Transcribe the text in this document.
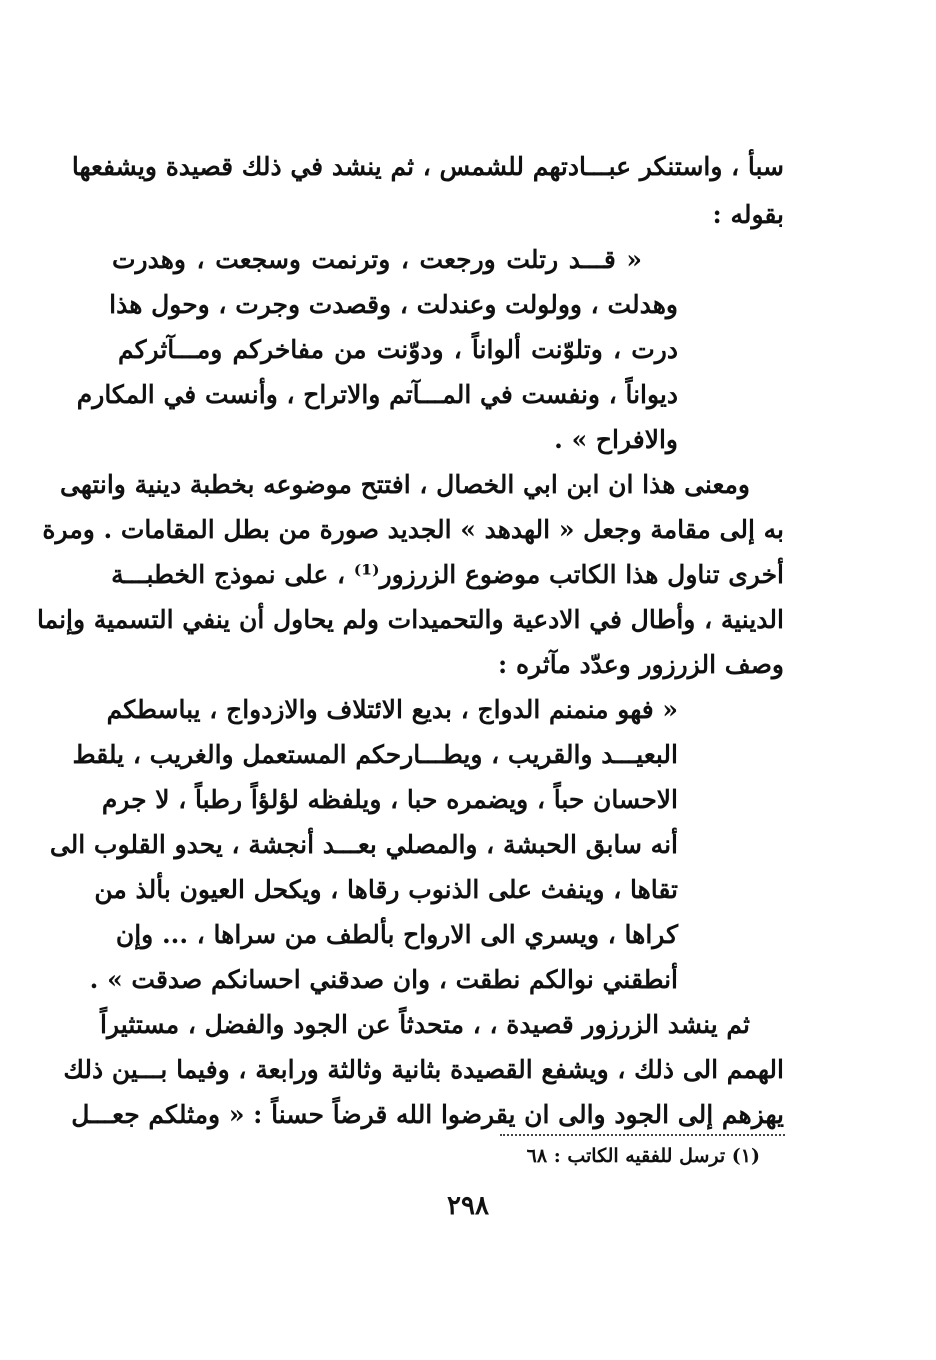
سبأ ، واستنكر عبـــادتهم للشمس ، ثم ينشد في ذلك قصيدة ويشفعها
بقوله :
« قـــد رتلت ورجعت ، وترنمت وسجعت ، وهدرت
وهدلت ، وولولت وعندلت ، وقصدت وجرت ، وحول هذا
درت ، وتلوّنت ألواناً ، ودوّنت من مفاخركم ومـــآثركم
ديواناً ، ونفست في المـــآتم والاتراح ، وأنست في المكارم
والافراح » .
ومعنى هذا ان ابن ابي الخصال ، افتتح موضوعه بخطبة دينية وانتهى
به إلى مقامة وجعل « الهدهد » الجديد صورة من بطل المقامات . ومرة
أخرى تناول هذا الكاتب موضوع الزرزور⁽¹⁾ ، على نموذج الخطبـــة
الدينية ، وأطال في الادعية والتحميدات ولم يحاول أن ينفي التسمية وإنما
وصف الزرزور وعدّد مآثره :
« فهو منمنم الدواج ، بديع الائتلاف والازدواج ، يباسطكم
البعيـــد والقريب ، ويطـــارحكم المستعمل والغريب ، يلقط
الاحسان حباً ، ويضمره حبا ، ويلفظه لؤلؤاً رطباً ، لا جرم
أنه سابق الحبشة ، والمصلي بعـــد أنجشة ، يحدو القلوب الى
تقاها ، وينفث على الذنوب رقاها ، ويكحل العيون بألذ من
كراها ، ويسري الى الارواح بألطف من سراها ، ... وإن
أنطقني نوالكم نطقت ، وان صدقني احسانكم صدقت » .
ثم ينشد الزرزور قصيدة ، ، متحدثاً عن الجود والفضل ، مستثيراً
الهمم الى ذلك ، ويشفع القصيدة بثانية وثالثة ورابعة ، وفيما بـــين ذلك
يهزهم إلى الجود والى ان يقرضوا الله قرضاً حسناً : « ومثلكم جعـــل
(١) ترسل للفقيه الكاتب : ٦٨
٢٩٨
